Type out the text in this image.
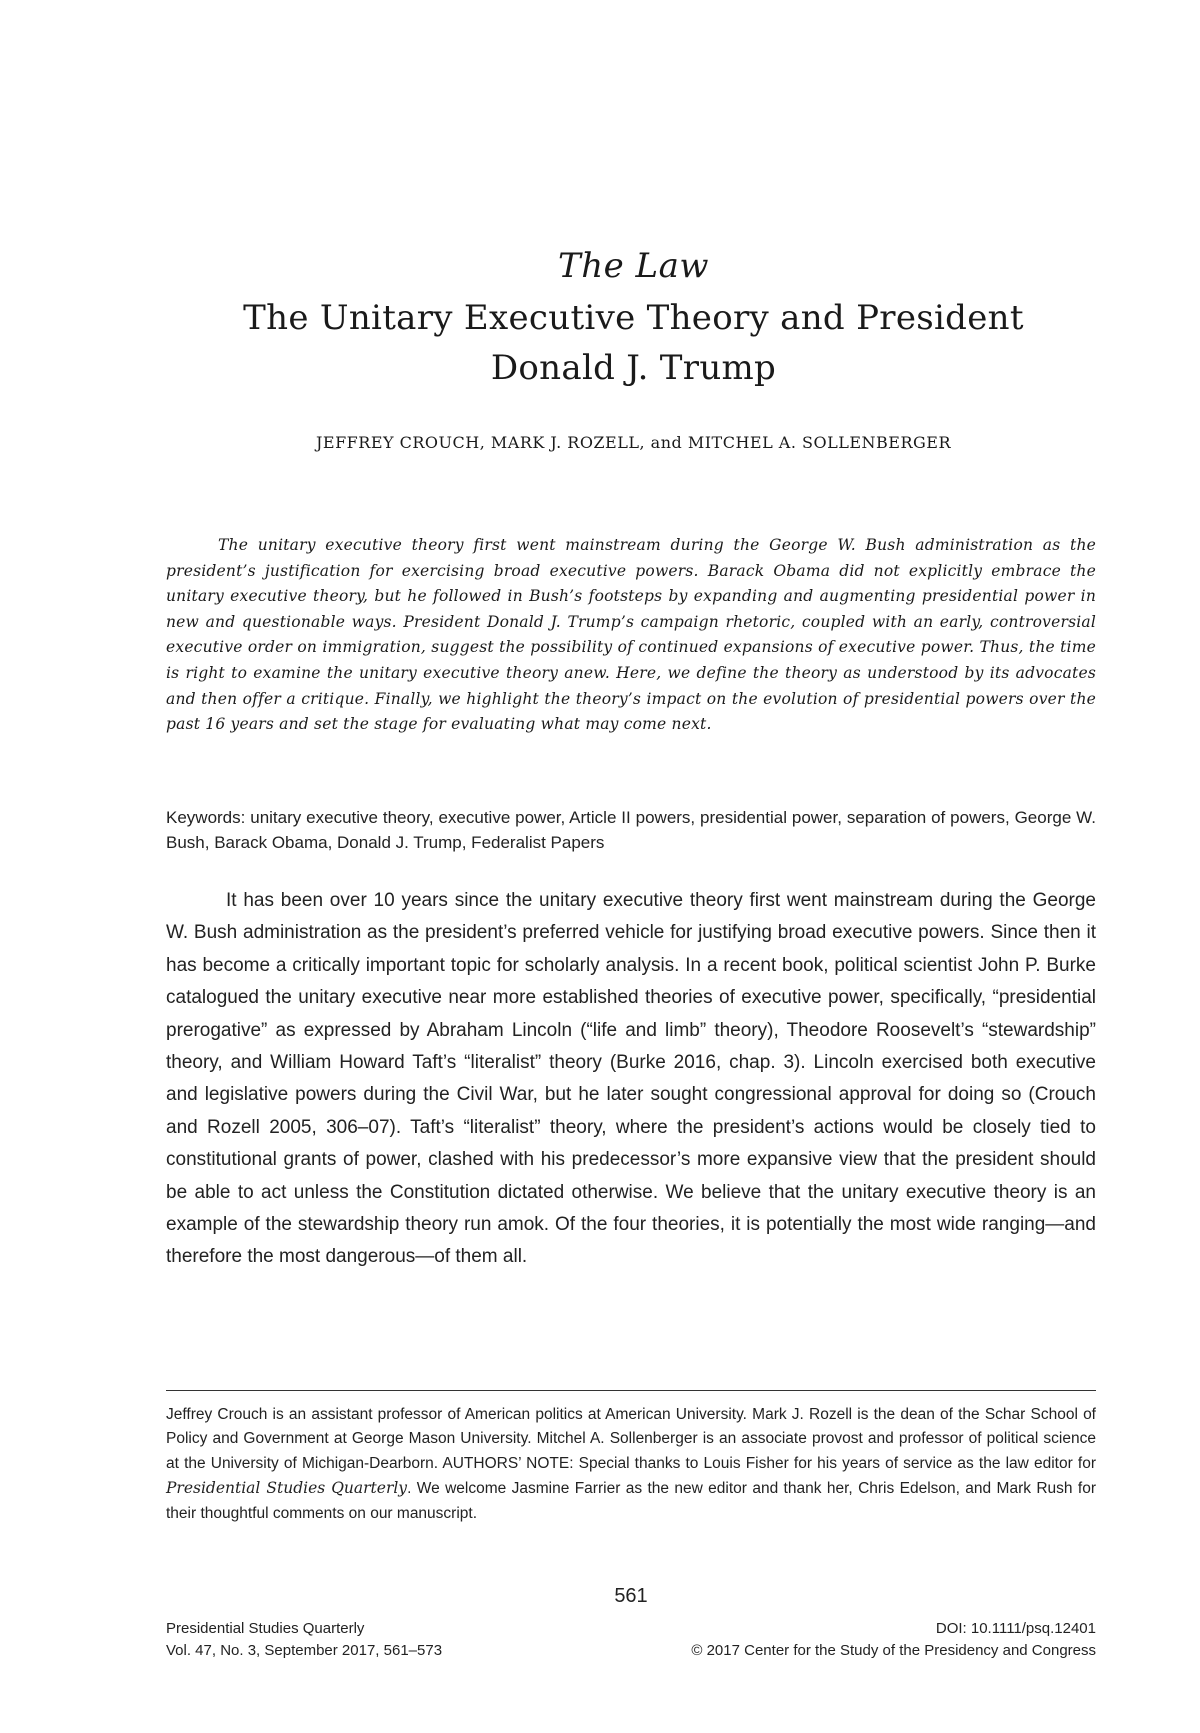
The Law
The Unitary Executive Theory and President
Donald J. Trump
JEFFREY CROUCH, MARK J. ROZELL, and MITCHEL A. SOLLENBERGER

The unitary executive theory first went mainstream during the George W. Bush administration as the president’s justification for exercising broad executive powers. Barack Obama did not explicitly embrace the unitary executive theory, but he followed in Bush’s footsteps by expanding and augmenting presidential power in new and questionable ways. President Donald J. Trump’s campaign rhetoric, coupled with an early, controversial executive order on immigration, suggest the possibility of continued expansions of executive power. Thus, the time is right to examine the unitary executive theory anew. Here, we define the theory as understood by its advocates and then offer a critique. Finally, we highlight the theory’s impact on the evolution of presidential powers over the past 16 years and set the stage for evaluating what may come next.

Keywords: unitary executive theory, executive power, Article II powers, presidential power, separation of powers, George W. Bush, Barack Obama, Donald J. Trump, Federalist Papers

It has been over 10 years since the unitary executive theory first went mainstream during the George W. Bush administration as the president’s preferred vehicle for justifying broad executive powers. Since then it has become a critically important topic for scholarly analysis. In a recent book, political scientist John P. Burke catalogued the unitary executive near more established theories of executive power, specifically, “presidential prerogative” as expressed by Abraham Lincoln (“life and limb” theory), Theodore Roosevelt’s “stewardship” theory, and William Howard Taft’s “literalist” theory (Burke 2016, chap. 3). Lincoln exercised both executive and legislative powers during the Civil War, but he later sought congressional approval for doing so (Crouch and Rozell 2005, 306–07). Taft’s “literalist” theory, where the president’s actions would be closely tied to constitutional grants of power, clashed with his predecessor’s more expansive view that the president should be able to act unless the Constitution dictated otherwise. We believe that the unitary executive theory is an example of the stewardship theory run amok. Of the four theories, it is potentially the most wide ranging—and therefore the most dangerous—of them all.

Jeffrey Crouch is an assistant professor of American politics at American University. Mark J. Rozell is the dean of the Schar School of Policy and Government at George Mason University. Mitchel A. Sollenberger is an associate provost and professor of political science at the University of Michigan-Dearborn. AUTHORS’ NOTE: Special thanks to Louis Fisher for his years of service as the law editor for Presidential Studies Quarterly. We welcome Jasmine Farrier as the new editor and thank her, Chris Edelson, and Mark Rush for their thoughtful comments on our manuscript.

561
Presidential Studies Quarterly
Vol. 47, No. 3, September 2017, 561–573
DOI: 10.1111/psq.12401
© 2017 Center for the Study of the Presidency and Congress
